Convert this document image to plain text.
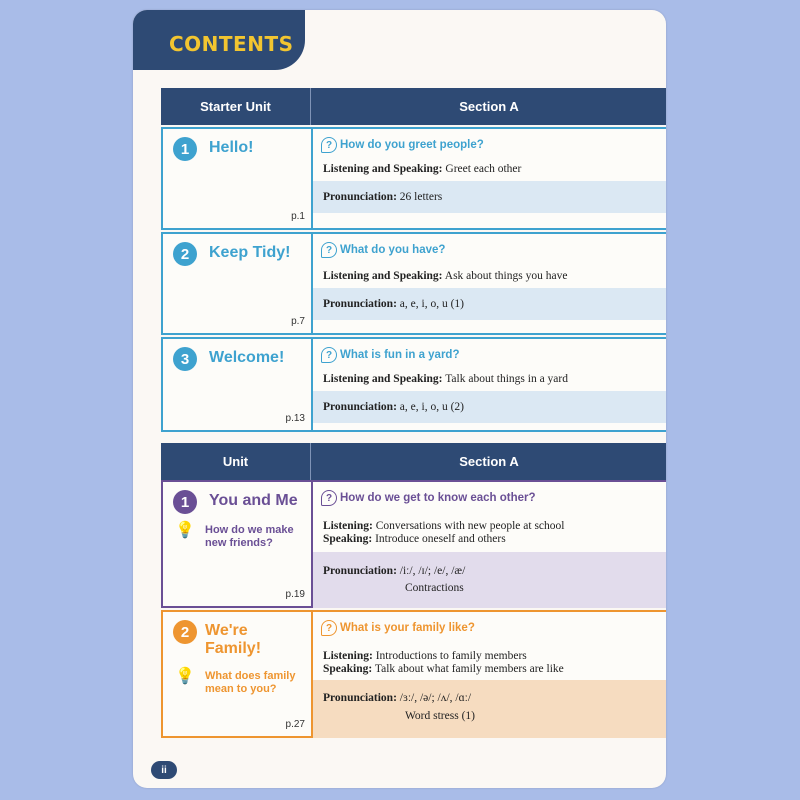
CONTENTS
Starter Unit	Section A
1	Hello!
p.1
? How do you greet people?
Listening and Speaking: Greet each other
Pronunciation: 26 letters
2	Keep Tidy!
p.7
? What do you have?
Listening and Speaking: Ask about things you have
Pronunciation: a, e, i, o, u (1)
3	Welcome!
p.13
? What is fun in a yard?
Listening and Speaking: Talk about things in a yard
Pronunciation: a, e, i, o, u (2)
Unit	Section A
1	You and Me
💡 How do we make new friends?
p.19
? How do we get to know each other?
Listening: Conversations with new people at school
Speaking: Introduce oneself and others
Pronunciation: /iː/, /ɪ/; /e/, /æ/
Contractions
2 We're Family!
💡 What does family mean to you?
p.27
? What is your family like?
Listening: Introductions to family members
Speaking: Talk about what family members are like
Pronunciation: /ɜː/, /ə/; /ʌ/, /ɑː/
Word stress (1)
ii
